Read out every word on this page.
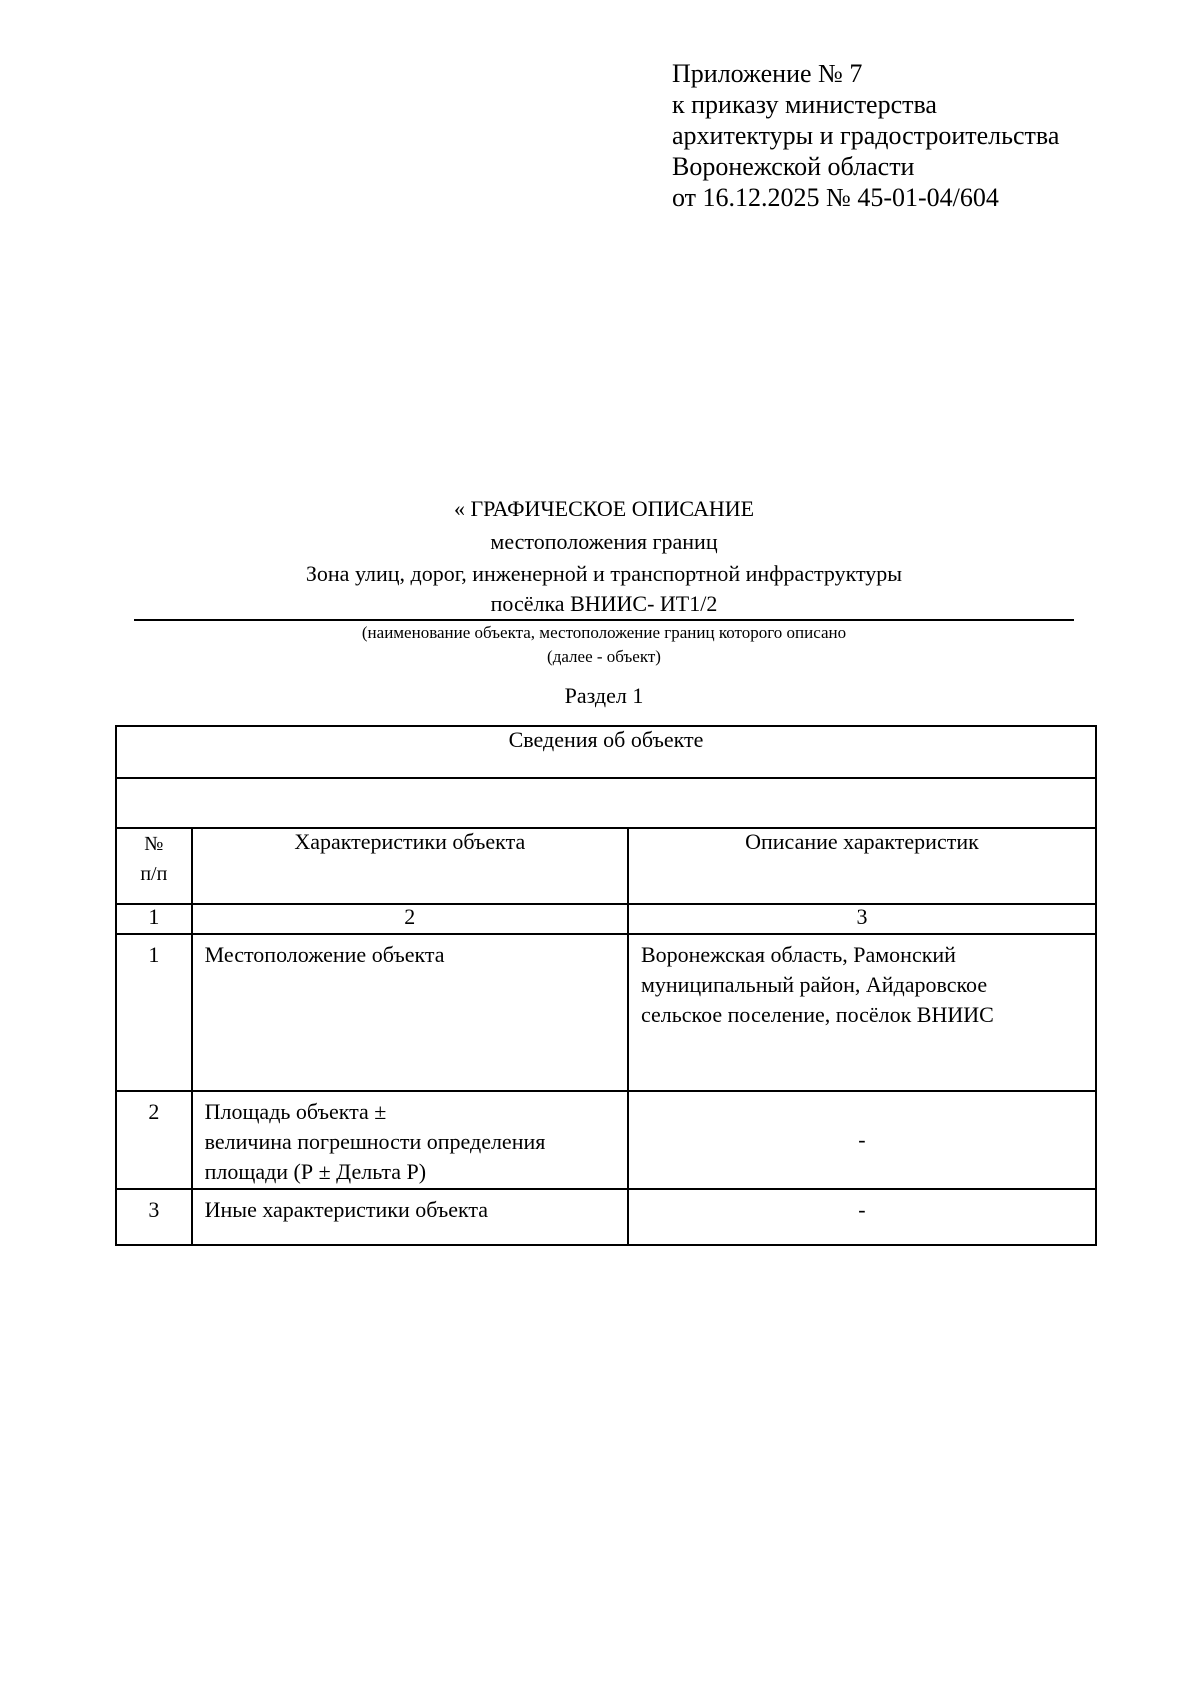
Приложение № 7
к приказу министерства
архитектуры и градостроительства
Воронежской области
от 16.12.2025 № 45-01-04/604
« ГРАФИЧЕСКОЕ ОПИСАНИЕ
местоположения границ
Зона улиц, дорог, инженерной и транспортной инфраструктуры
посёлка ВНИИС- ИТ1/2
(наименование объекта, местоположение границ которого описано
(далее - объект)
Раздел 1
Сведения об объекте		

№
п/п	Характеристики объекта	Описание характеристик
1	2	3

1	Местоположение объекта	Воронежская область, Рамонский
муниципальный район, Айдаровское
сельское поселение, посёлок ВНИИС

2	Площадь объекта ±
величина погрешности определения
площади (Р ± Дельта Р)	-

3	Иные характеристики объекта	-
